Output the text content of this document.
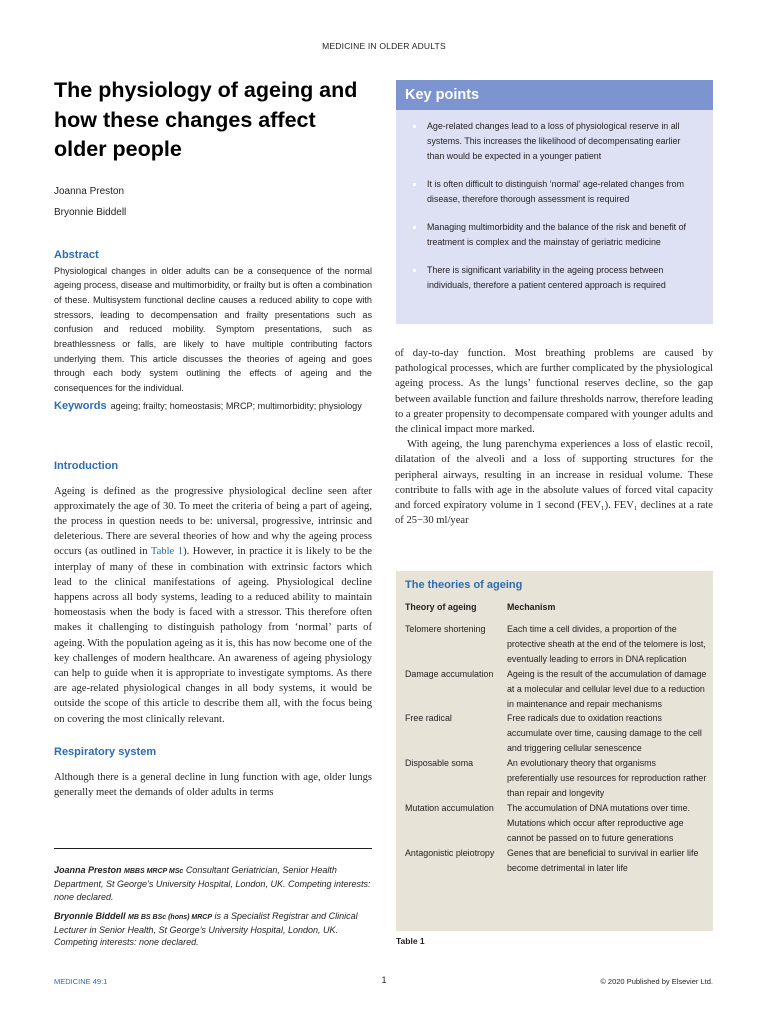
MEDICINE IN OLDER ADULTS
The physiology of ageing and how these changes affect older people

Joanna Preston

Bryonnie Biddell

Abstract

Physiological changes in older adults can be a consequence of the normal ageing process, disease and multimorbidity, or frailty but is often a combination of these. Multisystem functional decline causes a reduced ability to cope with stressors, leading to decompensation and frailty presentations such as confusion and reduced mobility. Symptom presentations, such as breathlessness or falls, are likely to have multiple contributing factors underlying them. This article discusses the theories of ageing and goes through each body system outlining the effects of ageing and the consequences for the individual.

Keywords ageing; frailty; homeostasis; MRCP; multimorbidity; physiology

Introduction

Ageing is defined as the progressive physiological decline seen after approximately the age of 30. To meet the criteria of being a part of ageing, the process in question needs to be: universal, progressive, intrinsic and deleterious. There are several theories of how and why the ageing process occurs (as outlined in Table 1). However, in practice it is likely to be the interplay of many of these in combination with extrinsic factors which lead to the clinical manifestations of ageing. Physiological decline happens across all body systems, leading to a reduced ability to maintain homeostasis when the body is faced with a stressor. This therefore often makes it challenging to distinguish pathology from ‘normal’ parts of ageing. With the population ageing as it is, this has now become one of the key challenges of modern healthcare. An awareness of ageing physiology can help to guide when it is appropriate to investigate symptoms. As there are age-related physiological changes in all body systems, it would be outside the scope of this article to describe them all, with the focus being on covering the most clinically relevant.

Respiratory system

Although there is a general decline in lung function with age, older lungs generally meet the demands of older adults in terms

Joanna Preston MBBS MRCP MSc Consultant Geriatrician, Senior Health Department, St George’s University Hospital, London, UK. Competing interests: none declared.

Bryonnie Biddell MB BS BSc (hons) MRCP is a Specialist Registrar and Clinical Lecturer in Senior Health, St George’s University Hospital, London, UK. Competing interests: none declared.

Key points
Age-related changes lead to a loss of physiological reserve in all systems. This increases the likelihood of decompensating earlier than would be expected in a younger patient
It is often difficult to distinguish ‘normal’ age-related changes from disease, therefore thorough assessment is required
Managing multimorbidity and the balance of the risk and benefit of treatment is complex and the mainstay of geriatric medicine
There is significant variability in the ageing process between individuals, therefore a patient centered approach is required

of day-to-day function. Most breathing problems are caused by pathological processes, which are further complicated by the physiological ageing process. As the lungs’ functional reserves decline, so the gap between available function and failure thresholds narrow, therefore leading to a greater propensity to decompensate compared with younger adults and the clinical impact more marked.

With ageing, the lung parenchyma experiences a loss of elastic recoil, dilatation of the alveoli and a loss of supporting structures for the peripheral airways, resulting in an increase in residual volume. These contribute to falls with age in the absolute values of forced vital capacity and forced expiratory volume in 1 second (FEV₁). FEV₁ declines at a rate of 25−30 ml/year

The theories of ageing
Theory of ageing	Mechanism
Telomere shortening	Each time a cell divides, a proportion of the protective sheath at the end of the telomere is lost, eventually leading to errors in DNA replication
Damage accumulation	Ageing is the result of the accumulation of damage at a molecular and cellular level due to a reduction in maintenance and repair mechanisms
Free radical	Free radicals due to oxidation reactions accumulate over time, causing damage to the cell and triggering cellular senescence
Disposable soma	An evolutionary theory that organisms preferentially use resources for reproduction rather than repair and longevity
Mutation accumulation	The accumulation of DNA mutations over time. Mutations which occur after reproductive age cannot be passed on to future generations
Antagonistic pleiotropy	Genes that are beneficial to survival in earlier life become detrimental in later life

Table 1

MEDICINE 49:1	1	© 2020 Published by Elsevier Ltd.
